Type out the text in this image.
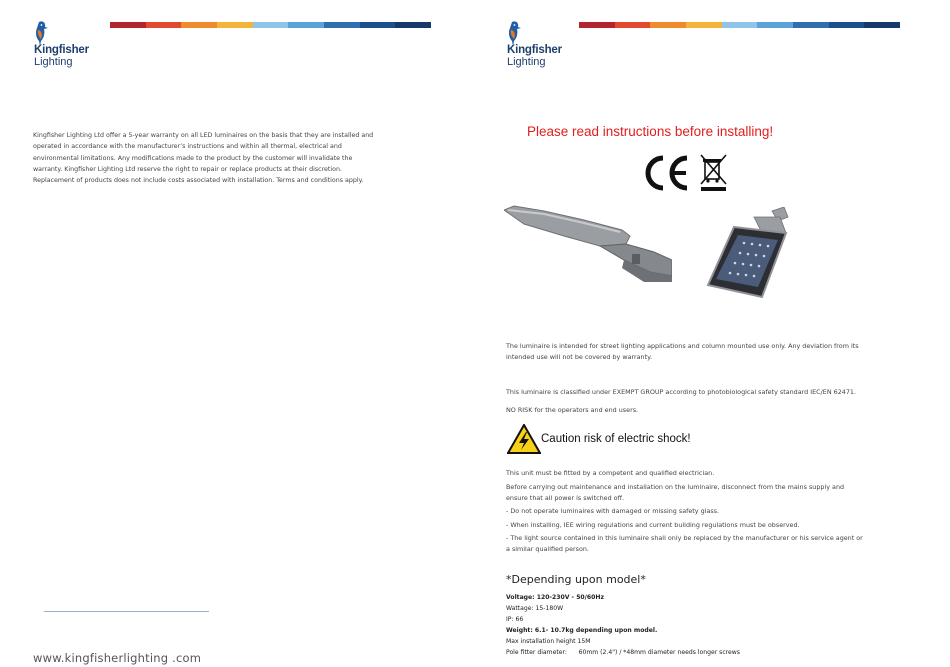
Kingfisher
Lighting
Kingfisher Lighting Ltd offer a 5-year warranty on all LED luminaires on the basis that they are installed and operated in accordance with the manufacturer’s instructions and within all thermal, electrical and environmental limitations. Any modifications made to the product by the customer will invalidate the warranty. Kingfisher Lighting Ltd reserve the right to repair or replace products at their discretion. Replacement of products does not include costs associated with installation. Terms and conditions apply.
www.kingfisherlighting .com
Kingfisher
Lighting
Please read instructions before installing!
The luminaire is intended for street lighting applications and column mounted use only. Any deviation from its intended use will not be covered by warranty.
This luminaire is classified under EXEMPT GROUP according to photobiological safety standard IEC/EN 62471.
NO RISK for the operators and end users.
Caution risk of electric shock!
This unit must be fitted by a competent and qualified electrician.
Before carrying out maintenance and installation on the luminaire, disconnect from the mains supply and ensure that all power is switched off.
- Do not operate luminaires with damaged or missing safety glass.
- When installing, IEE wiring regulations and current building regulations must be observed.
- The light source contained in this luminaire shall only be replaced by the manufacturer or his service agent or a similar qualified person.
*Depending upon model*
Voltage: 120-230V - 50/60Hz
Wattage: 15-180W
IP: 66
Weight: 6.1- 10.7kg depending upon model.
Max installation height 15M
Pole fitter diameter:      60mm (2.4") / *48mm diameter needs longer screws
